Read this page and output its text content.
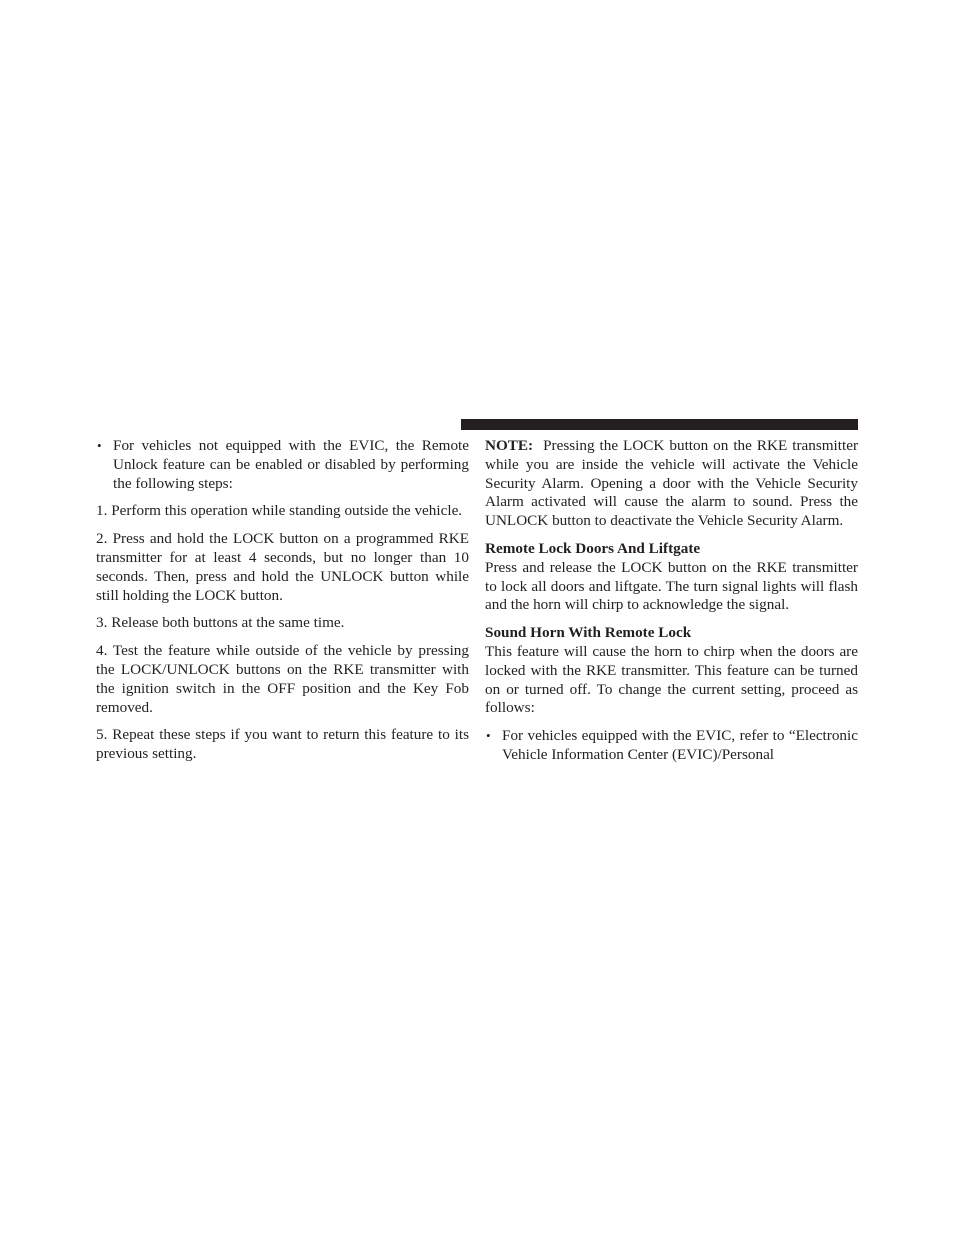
• For vehicles not equipped with the EVIC, the Remote Unlock feature can be enabled or disabled by performing the following steps:

1. Perform this operation while standing outside the vehicle.

2. Press and hold the LOCK button on a programmed RKE transmitter for at least 4 seconds, but no longer than 10 seconds. Then, press and hold the UNLOCK button while still holding the LOCK button.

3. Release both buttons at the same time.

4. Test the feature while outside of the vehicle by pressing the LOCK/UNLOCK buttons on the RKE transmitter with the ignition switch in the OFF position and the Key Fob removed.

5. Repeat these steps if you want to return this feature to its previous setting.

NOTE: Pressing the LOCK button on the RKE transmitter while you are inside the vehicle will activate the Vehicle Security Alarm. Opening a door with the Vehicle Security Alarm activated will cause the alarm to sound. Press the UNLOCK button to deactivate the Vehicle Security Alarm.

Remote Lock Doors And Liftgate

Press and release the LOCK button on the RKE transmitter to lock all doors and liftgate. The turn signal lights will flash and the horn will chirp to acknowledge the signal.

Sound Horn With Remote Lock

This feature will cause the horn to chirp when the doors are locked with the RKE transmitter. This feature can be turned on or turned off. To change the current setting, proceed as follows:

• For vehicles equipped with the EVIC, refer to “Electronic Vehicle Information Center (EVIC)/Personal
